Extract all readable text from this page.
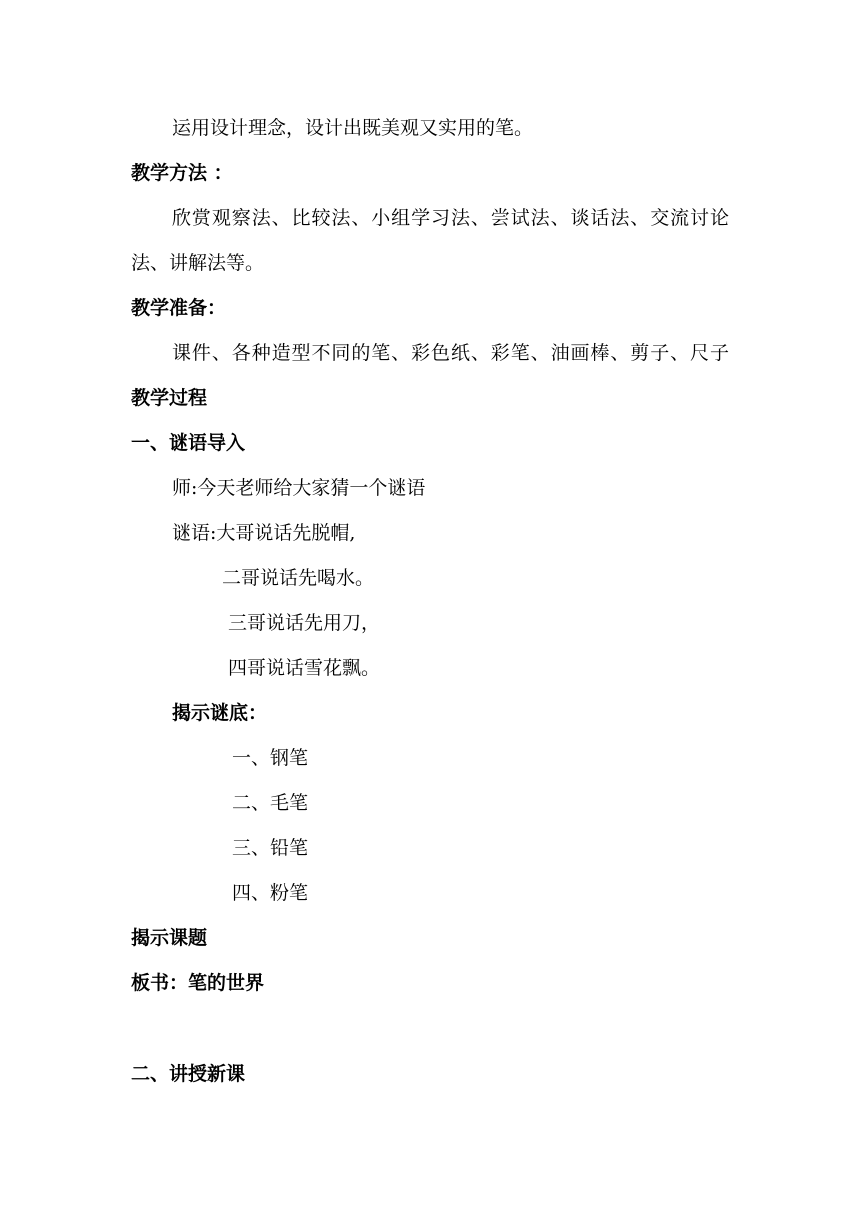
运用设计理念，设计出既美观又实用的笔。
教学方法 ：
欣赏观察法、比较法、小组学习法、尝试法、谈话法、交流讨论
法、讲解法等。
教学准备：
课件、各种造型不同的笔、彩色纸、彩笔、油画棒、剪子、尺子
教学过程
一、谜语导入
师:今天老师给大家猜一个谜语
谜语:大哥说话先脱帽,
二哥说话先喝水。
三哥说话先用刀，
四哥说话雪花飘。
揭示谜底：
一、钢笔
二、毛笔
三、铅笔
四、粉笔
揭示课题
板书：笔的世界
二、讲授新课
